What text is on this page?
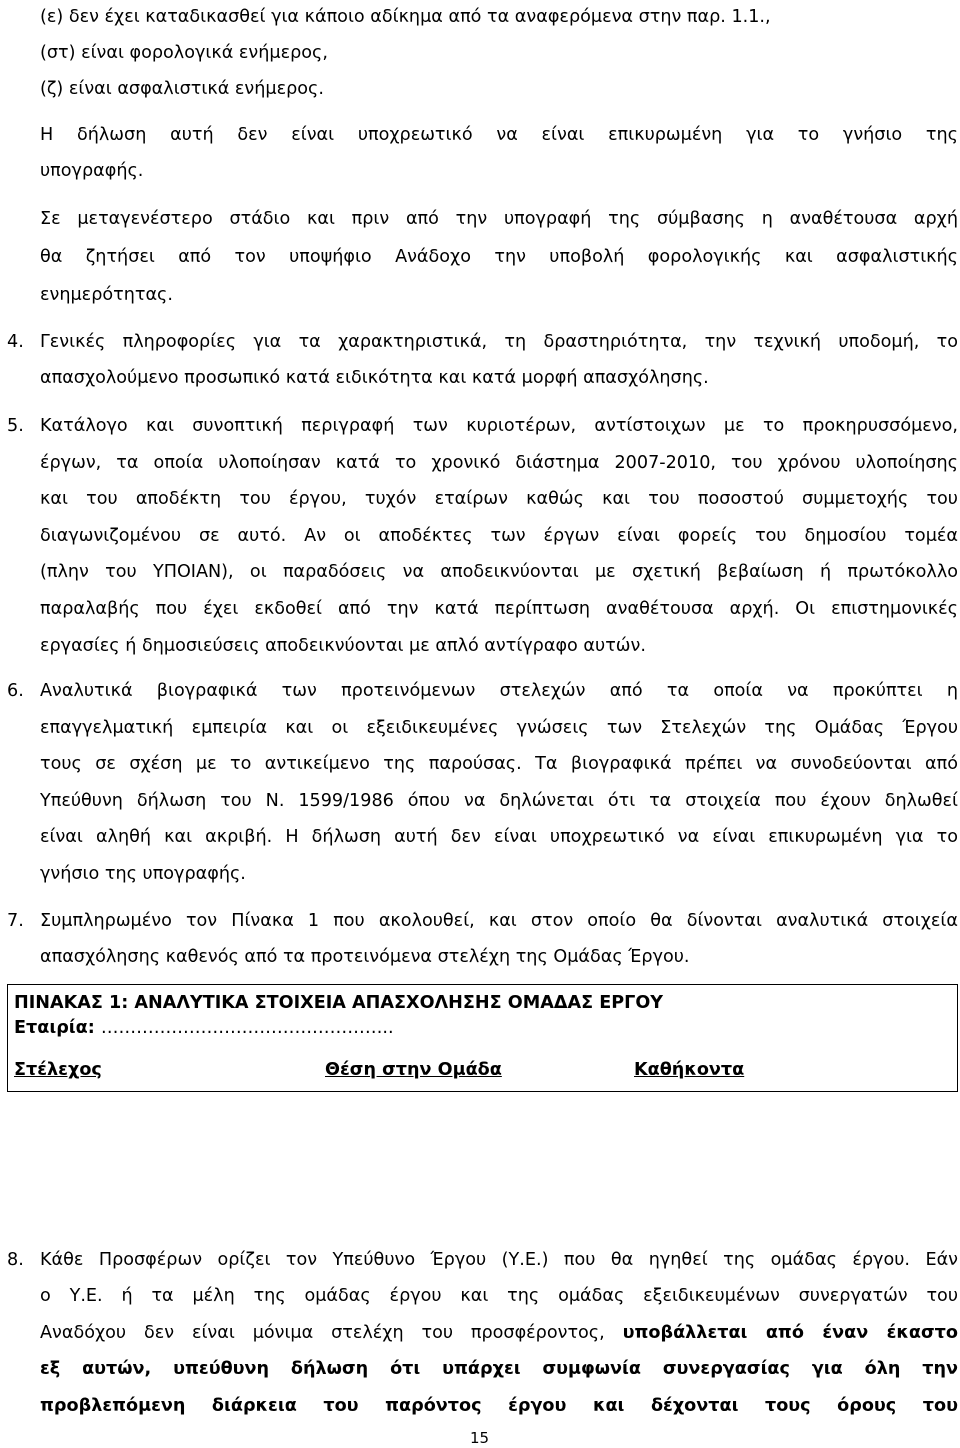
(ε) δεν έχει καταδικασθεί για κάποιο αδίκημα από τα αναφερόμενα στην παρ. 1.1.,
(στ) είναι φορολογικά ενήμερος,
(ζ) είναι ασφαλιστικά ενήμερος.
Η δήλωση αυτή δεν είναι υποχρεωτικό να είναι επικυρωμένη για το γνήσιο της
υπογραφής.
Σε μεταγενέστερο στάδιο και πριν από την υπογραφή της σύμβασης η αναθέτουσα αρχή
θα ζητήσει από τον υποψήφιο Ανάδοχο την υποβολή φορολογικής και ασφαλιστικής
ενημερότητας.
4. Γενικές πληροφορίες για τα χαρακτηριστικά, τη δραστηριότητα, την τεχνική υποδομή, το
απασχολούμενο προσωπικό κατά ειδικότητα και κατά μορφή απασχόλησης.
5. Κατάλογο και συνοπτική περιγραφή των κυριοτέρων, αντίστοιχων με το προκηρυσσόμενο,
έργων, τα οποία υλοποίησαν κατά το χρονικό διάστημα 2007-2010, του χρόνου υλοποίησης
και του αποδέκτη του έργου, τυχόν εταίρων καθώς και του ποσοστού συμμετοχής του
διαγωνιζομένου σε αυτό. Αν οι αποδέκτες των έργων είναι φορείς του δημοσίου τομέα
(πλην του ΥΠΟΙΑΝ), οι παραδόσεις να αποδεικνύονται με σχετική βεβαίωση ή πρωτόκολλο
παραλαβής που έχει εκδοθεί από την κατά περίπτωση αναθέτουσα αρχή. Οι επιστημονικές
εργασίες ή δημοσιεύσεις αποδεικνύονται με απλό αντίγραφο αυτών.
6. Αναλυτικά βιογραφικά των προτεινόμενων στελεχών από τα οποία να προκύπτει η
επαγγελματική εμπειρία και οι εξειδικευμένες γνώσεις των Στελεχών της Ομάδας Έργου
τους σε σχέση με το αντικείμενο της παρούσας. Τα βιογραφικά πρέπει να συνοδεύονται από
Υπεύθυνη δήλωση του Ν. 1599/1986 όπου να δηλώνεται ότι τα στοιχεία που έχουν δηλωθεί
είναι αληθή και ακριβή. Η δήλωση αυτή δεν είναι υποχρεωτικό να είναι επικυρωμένη για το
γνήσιο της υπογραφής.
7. Συμπληρωμένο τον Πίνακα 1 που ακολουθεί, και στον οποίο θα δίνονται αναλυτικά στοιχεία
απασχόλησης καθενός από τα προτεινόμενα στελέχη της Ομάδας Έργου.
ΠΙΝΑΚΑΣ 1: ΑΝΑΛΥΤΙΚΑ ΣΤΟΙΧΕΙΑ ΑΠΑΣΧΟΛΗΣΗΣ ΟΜΑΔΑΣ ΕΡΓΟΥ
Εταιρία: …………………………………………..
Στέλεχος	Θέση στην Ομάδα	Καθήκοντα
8. Κάθε Προσφέρων ορίζει τον Υπεύθυνο Έργου (Υ.Ε.) που θα ηγηθεί της ομάδας έργου. Εάν
ο Υ.Ε. ή τα μέλη της ομάδας έργου και της ομάδας εξειδικευμένων συνεργατών του
Αναδόχου δεν είναι μόνιμα στελέχη του προσφέροντος, υποβάλλεται από έναν έκαστο
εξ αυτών, υπεύθυνη δήλωση ότι υπάρχει συμφωνία συνεργασίας για όλη την
προβλεπόμενη διάρκεια του παρόντος έργου και δέχονται τους όρους του
15
